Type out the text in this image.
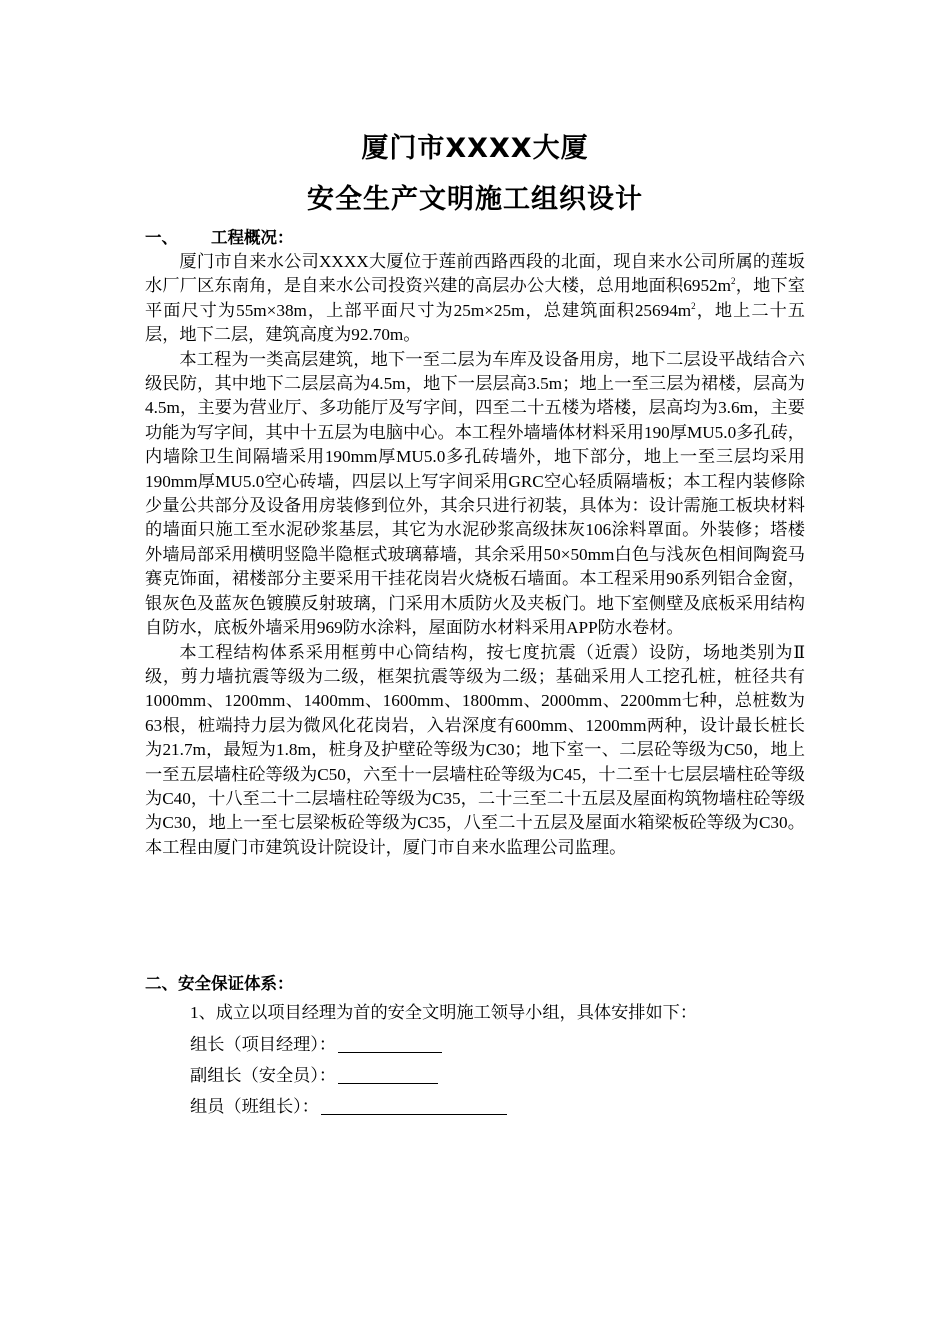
厦门市XXXX大厦
安全生产文明施工组织设计
一、 工程概况：

厦门市自来水公司XXXX大厦位于莲前西路西段的北面，现自来水公司所属的莲坂水厂厂区东南角，是自来水公司投资兴建的高层办公大楼，总用地面积$6952m^2$，地下室平面尺寸为55m×38m，上部平面尺寸为25m×25m，总建筑面积$25694m^2$，地上二十五层，地下二层，建筑高度为92.70m。

本工程为一类高层建筑，地下一至二层为车库及设备用房，地下二层设平战结合六级民防，其中地下二层层高为4.5m，地下一层层高3.5m；地上一至三层为裙楼，层高为4.5m，主要为营业厅、多功能厅及写字间，四至二十五楼为塔楼，层高均为3.6m，主要功能为写字间，其中十五层为电脑中心。本工程外墙墙体材料采用190厚MU5.0多孔砖，内墙除卫生间隔墙采用190mm厚MU5.0多孔砖墙外，地下部分，地上一至三层均采用190mm厚MU5.0空心砖墙，四层以上写字间采用GRC空心轻质隔墙板；本工程内装修除少量公共部分及设备用房装修到位外，其余只进行初装，具体为：设计需施工板块材料的墙面只施工至水泥砂浆基层，其它为水泥砂浆高级抹灰106涂料罩面。外装修；塔楼外墙局部采用横明竖隐半隐框式玻璃幕墙，其余采用50×50mm白色与浅灰色相间陶瓷马赛克饰面，裙楼部分主要采用干挂花岗岩火烧板石墙面。本工程采用90系列铝合金窗，银灰色及蓝灰色镀膜反射玻璃，门采用木质防火及夹板门。地下室侧壁及底板采用结构自防水，底板外墙采用969防水涂料，屋面防水材料采用APP防水卷材。

本工程结构体系采用框剪中心筒结构，按七度抗震（近震）设防，场地类别为Ⅱ级，剪力墙抗震等级为二级，框架抗震等级为二级；基础采用人工挖孔桩，桩径共有1000mm、1200mm、1400mm、1600mm、1800mm、2000mm、2200mm七种，总桩数为63根，桩端持力层为微风化花岗岩，入岩深度有600mm、1200mm两种，设计最长桩长为21.7m，最短为1.8m，桩身及护壁砼等级为C30；地下室一、二层砼等级为C50，地上一至五层墙柱砼等级为C50，六至十一层墙柱砼等级为C45，十二至十七层层墙柱砼等级为C40，十八至二十二层墙柱砼等级为C35，二十三至二十五层及屋面构筑物墙柱砼等级为C30，地上一至七层梁板砼等级为C35，八至二十五层及屋面水箱梁板砼等级为C30。本工程由厦门市建筑设计院设计，厦门市自来水监理公司监理。

二、安全保证体系：
1、成立以项目经理为首的安全文明施工领导小组，具体安排如下：
组长（项目经理）：
副组长（安全员）：
组员（班组长）：
